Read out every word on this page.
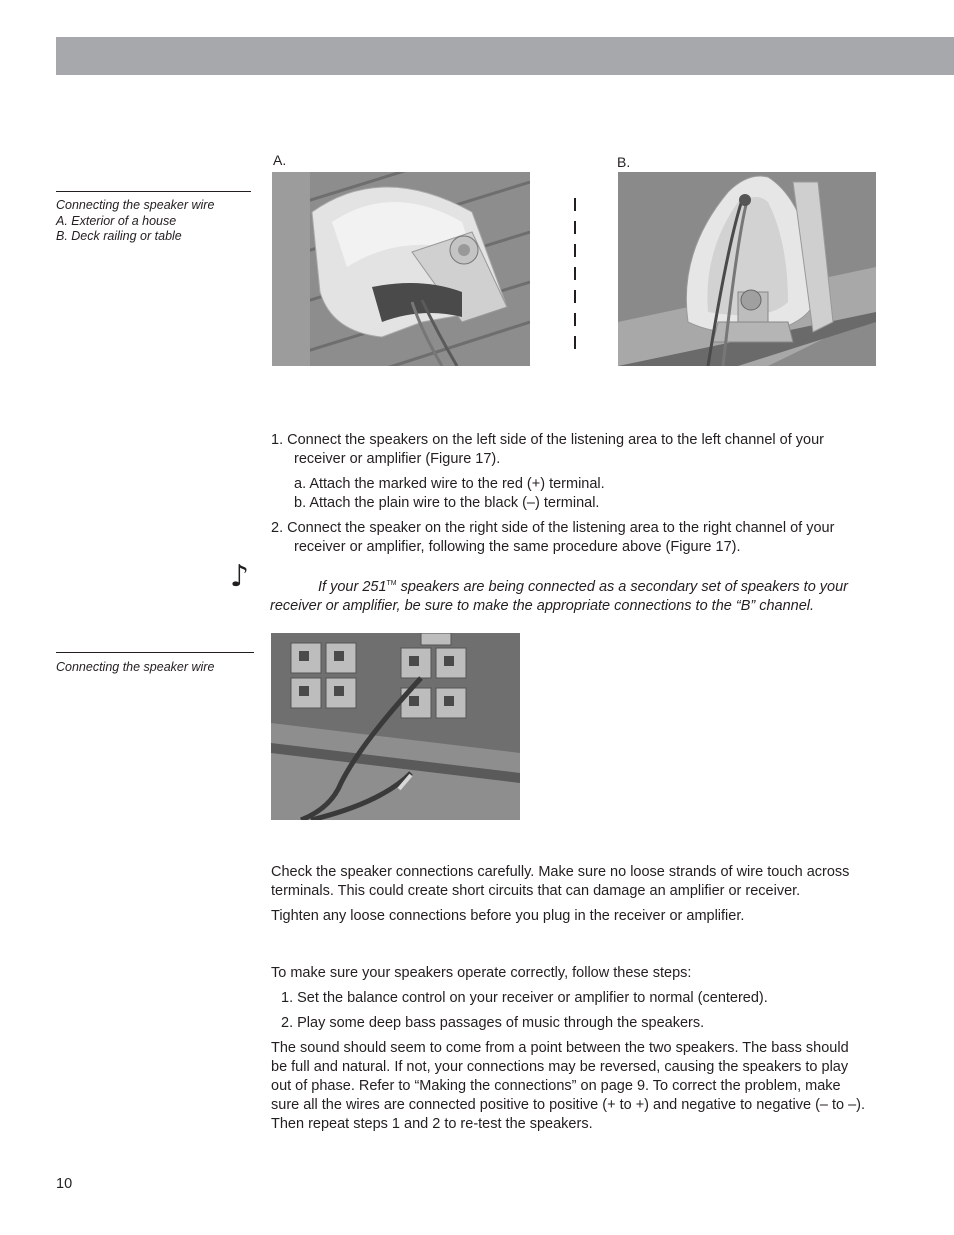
Connecting the speaker wire
A. Exterior of a house
B. Deck railing or table
A.	B.
1. Connect the speakers on the left side of the listening area to the left channel of your
receiver or amplifier (Figure 17).
a. Attach the marked wire to the red (+) terminal.
b. Attach the plain wire to the black (–) terminal.
2. Connect the speaker on the right side of the listening area to the right channel of your
receiver or amplifier, following the same procedure above (Figure 17).
♪	If your 251™ speakers are being connected as a secondary set of speakers to your
receiver or amplifier, be sure to make the appropriate connections to the “B” channel.
Connecting the speaker wire
Check the speaker connections carefully. Make sure no loose strands of wire touch across
terminals. This could create short circuits that can damage an amplifier or receiver.
Tighten any loose connections before you plug in the receiver or amplifier.
To make sure your speakers operate correctly, follow these steps:
1. Set the balance control on your receiver or amplifier to normal (centered).
2. Play some deep bass passages of music through the speakers.
The sound should seem to come from a point between the two speakers. The bass should
be full and natural. If not, your connections may be reversed, causing the speakers to play
out of phase. Refer to “Making the connections” on page 9. To correct the problem, make
sure all the wires are connected positive to positive (+ to +) and negative to negative (– to –).
Then repeat steps 1 and 2 to re-test the speakers.
10
